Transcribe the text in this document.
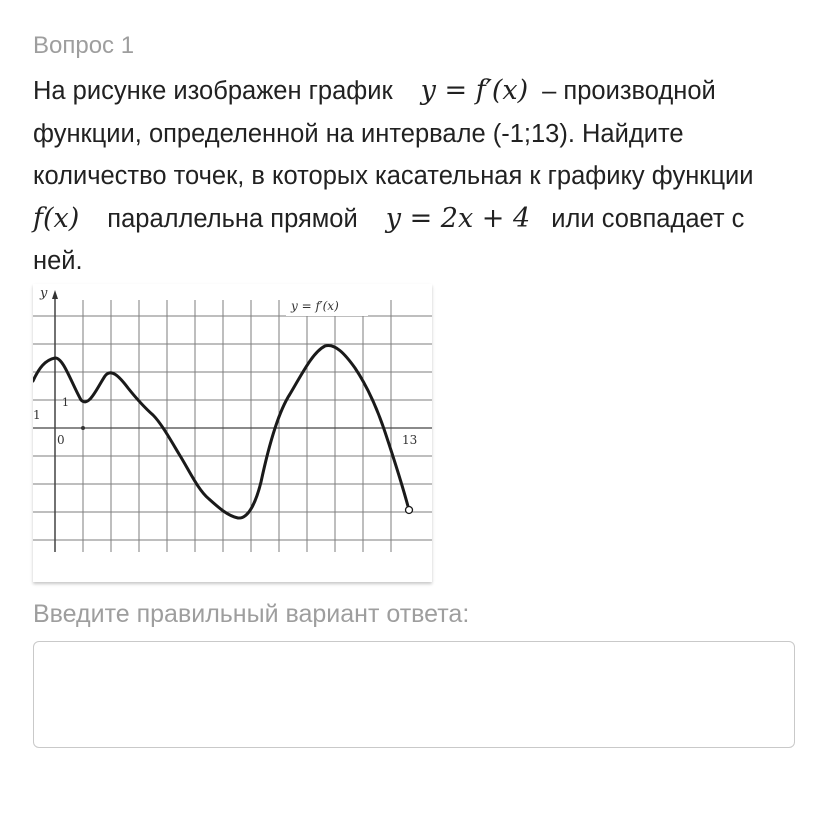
Вопрос 1

На рисунке изображен график y = f′(x) – производной функции, определенной на интервале (-1;13). Найдите количество точек, в которых касательная к графику функцииf(x) параллельна прямой y = 2x + 4 или совпадает с ней.

y
1
1
0	13
y = f′(x)

Введите правильный вариант ответа:
